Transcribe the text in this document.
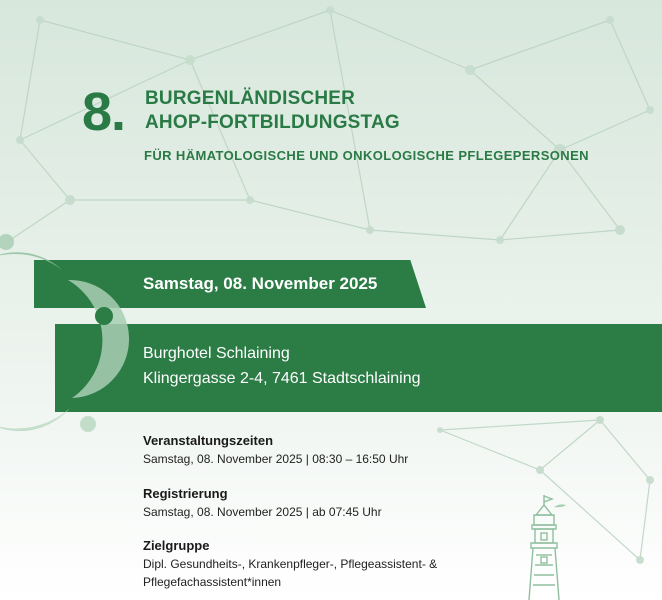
8. BURGENLÄNDISCHER
AHOP-FORTBILDUNGSTAG
FÜR HÄMATOLOGISCHE UND ONKOLOGISCHE PFLEGEPERSONEN
Samstag, 08. November 2025
Burghotel Schlaining
Klingergasse 2-4, 7461 Stadtschlaining
Veranstaltungszeiten
Samstag, 08. November 2025 | 08:30 – 16:50 Uhr
Registrierung
Samstag, 08. November 2025 | ab 07:45 Uhr
Zielgruppe
Dipl. Gesundheits-, Krankenpfleger-, Pflegeassistent- &
Pflegefachassistent*innen
